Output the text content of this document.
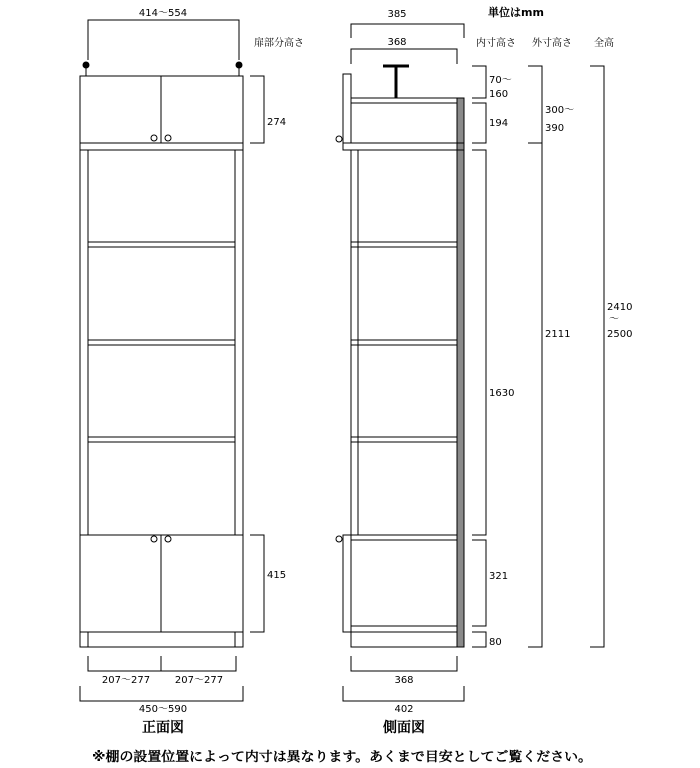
414〜554
扉部分高さ
274
415
207〜277 207〜277
450〜590
385	単位はmm
368	内寸高さ 外寸高さ 全高
70〜
160
194
300〜
390
1630
2111
321
80
2410
〜
2500
368
402
正面図	側面図
※棚の設置位置によって内寸は異なります。あくまで目安としてご覧ください。
